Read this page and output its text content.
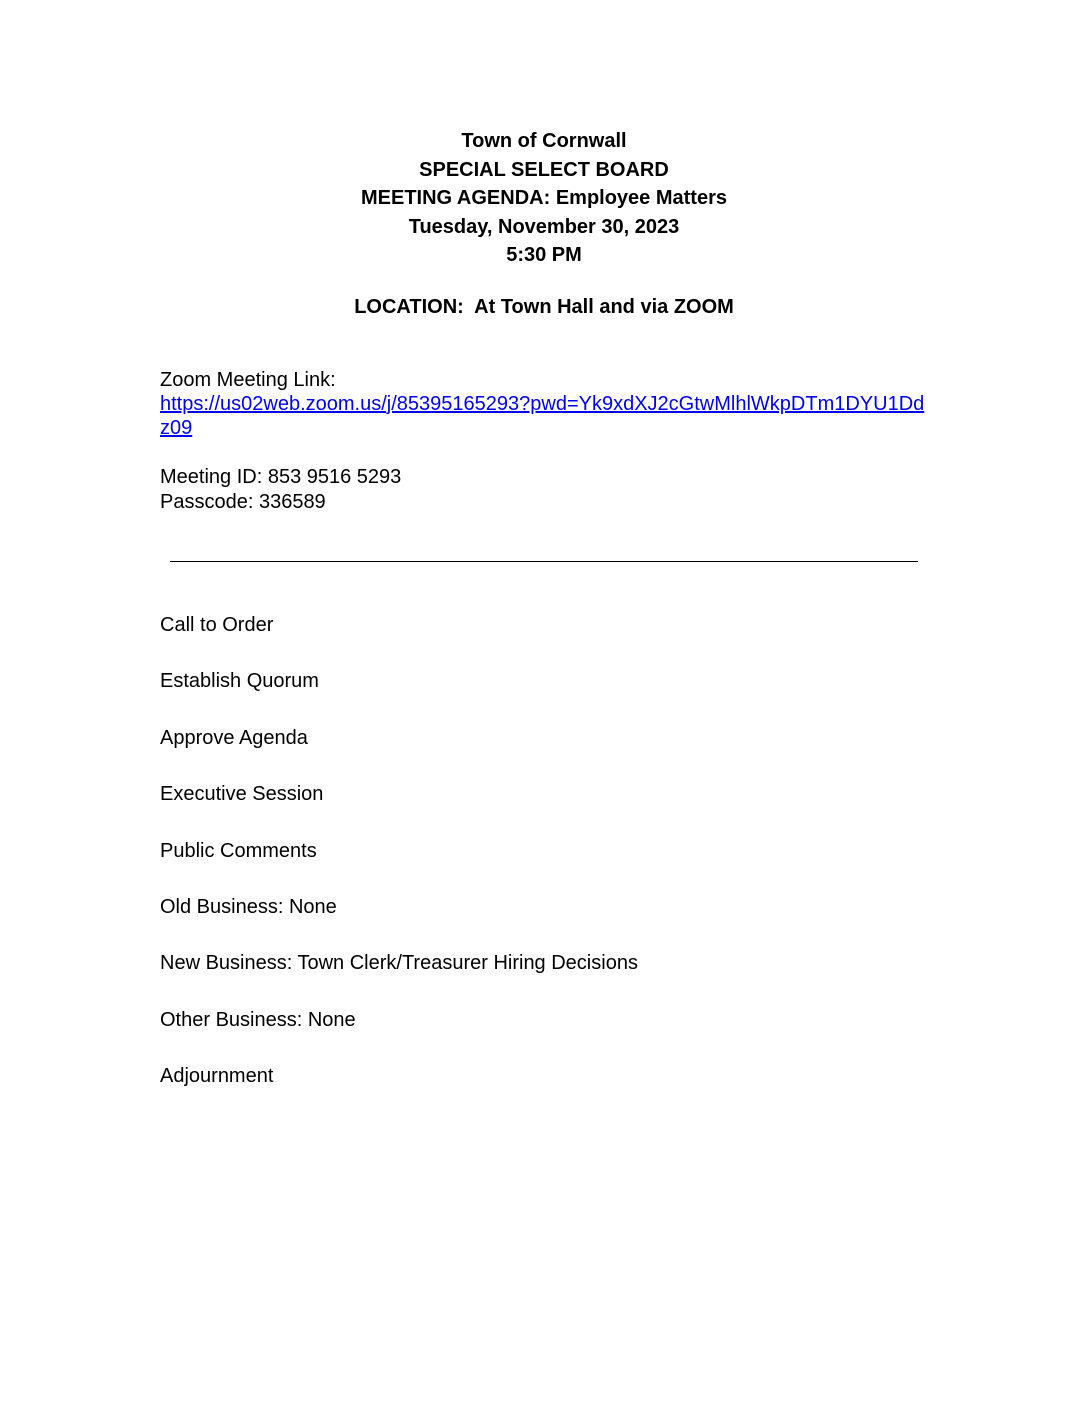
Town of Cornwall
SPECIAL SELECT BOARD
MEETING AGENDA: Employee Matters
Tuesday, November 30, 2023
5:30 PM
LOCATION:  At Town Hall and via ZOOM
Zoom Meeting Link:
https://us02web.zoom.us/j/85395165293?pwd=Yk9xdXJ2cGtwMlhlWkpDTm1DYU1Ddz09
Meeting ID: 853 9516 5293
Passcode: 336589
Call to Order
Establish Quorum
Approve Agenda
Executive Session
Public Comments
Old Business: None
New Business: Town Clerk/Treasurer Hiring Decisions
Other Business: None
Adjournment
